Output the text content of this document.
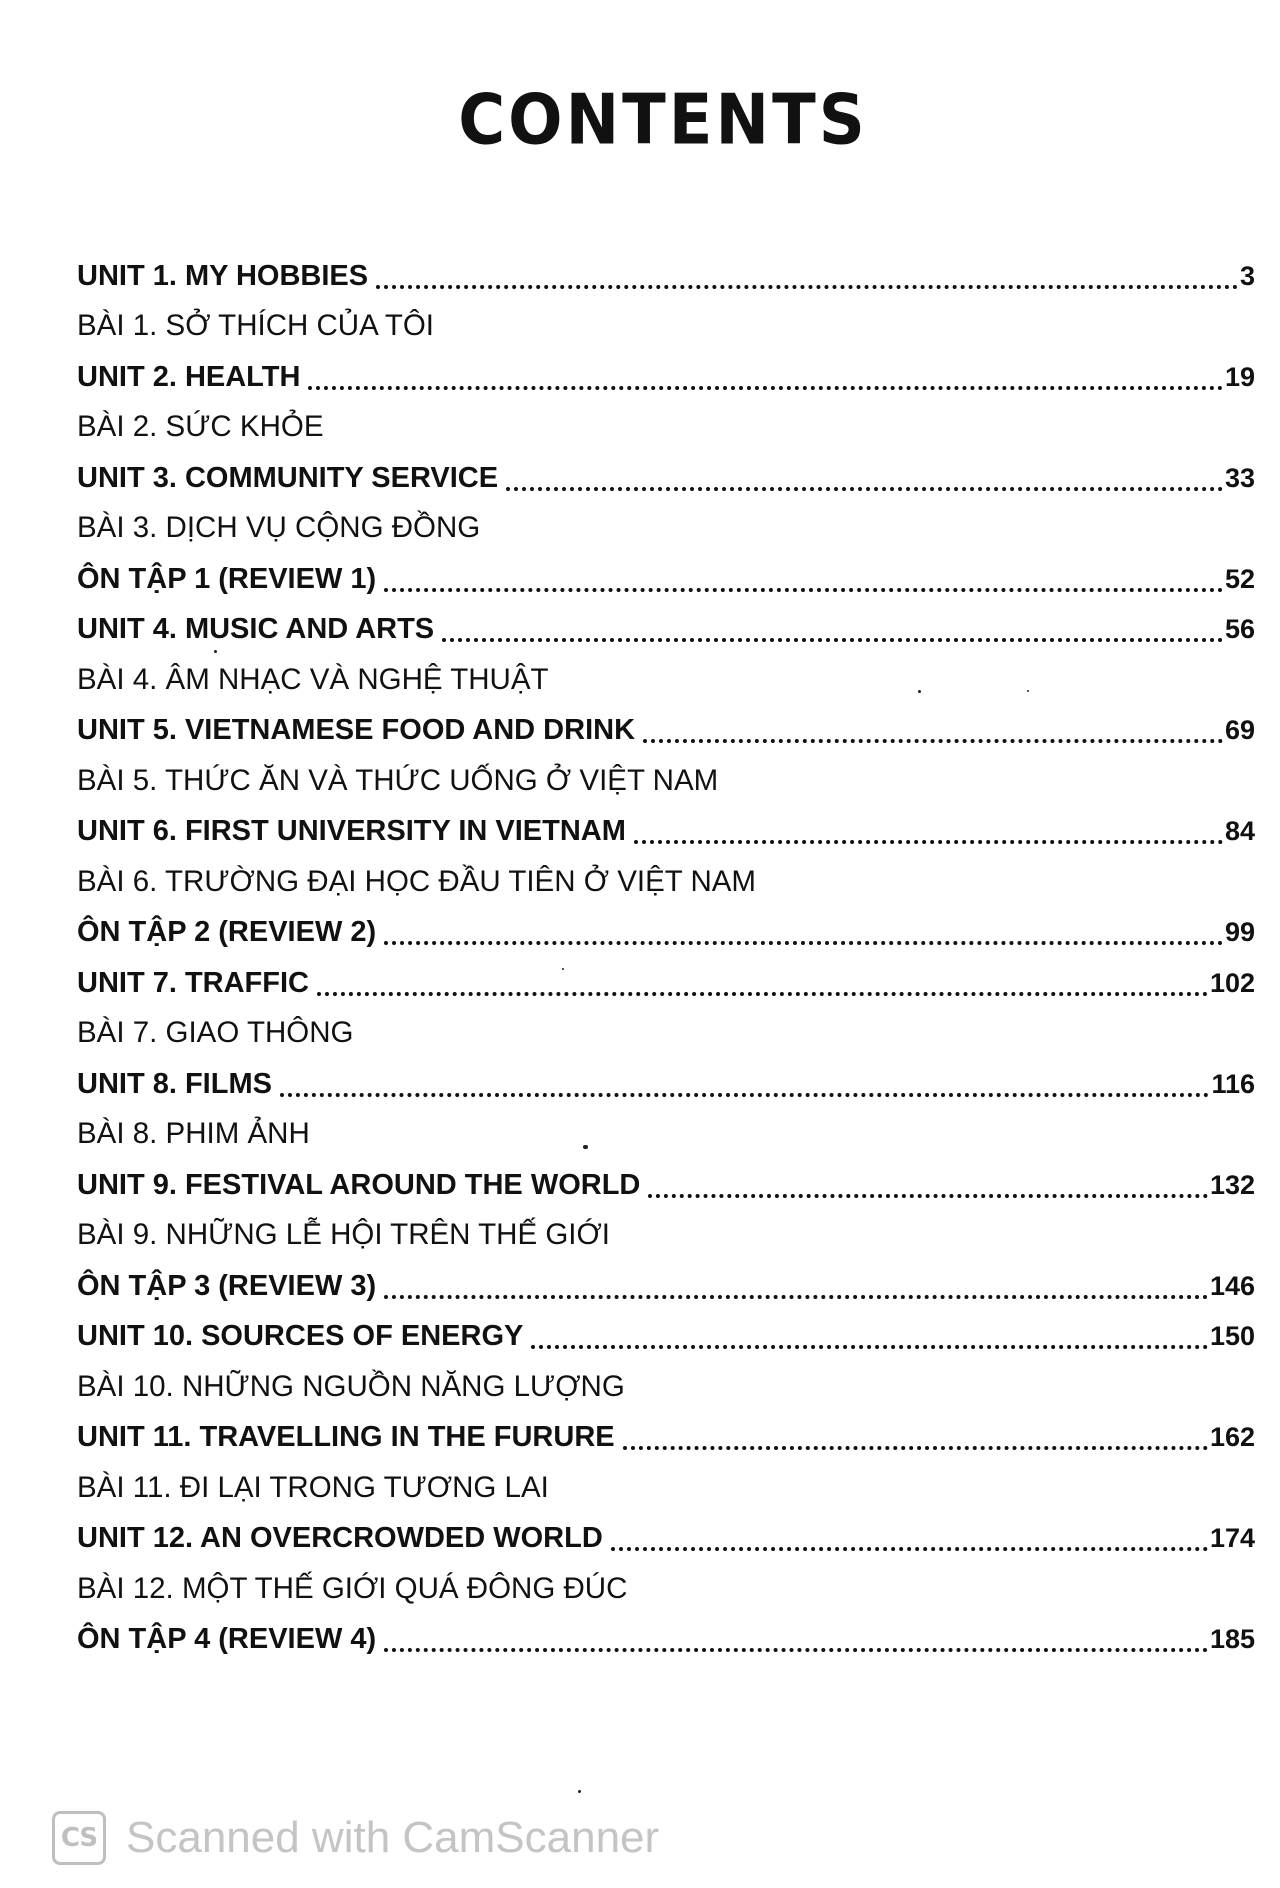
CONTENTS
UNIT 1. MY HOBBIES	3
BÀI 1. SỞ THÍCH CỦA TÔI
UNIT 2. HEALTH	19
BÀI 2. SỨC KHỎE
UNIT 3. COMMUNITY SERVICE	33
BÀI 3. DỊCH VỤ CỘNG ĐỒNG
ÔN TẬP 1 (REVIEW 1)	52
UNIT 4. MUSIC AND ARTS	56
BÀI 4. ÂM NHẠC VÀ NGHỆ THUẬT
UNIT 5. VIETNAMESE FOOD AND DRINK	69
BÀI 5. THỨC ĂN VÀ THỨC UỐNG Ở VIỆT NAM
UNIT 6. FIRST UNIVERSITY IN VIETNAM	84
BÀI 6. TRƯỜNG ĐẠI HỌC ĐẦU TIÊN Ở VIỆT NAM
ÔN TẬP 2 (REVIEW 2)	99
UNIT 7. TRAFFIC	102
BÀI 7. GIAO THÔNG
UNIT 8. FILMS	116
BÀI 8. PHIM ẢNH
UNIT 9. FESTIVAL AROUND THE WORLD	132
BÀI 9. NHỮNG LỄ HỘI TRÊN THẾ GIỚI
ÔN TẬP 3 (REVIEW 3)	146
UNIT 10. SOURCES OF ENERGY	150
BÀI 10. NHỮNG NGUỒN NĂNG LƯỢNG
UNIT 11. TRAVELLING IN THE FURURE	162
BÀI 11. ĐI LẠI TRONG TƯƠNG LAI
UNIT 12. AN OVERCROWDED WORLD	174
BÀI 12. MỘT THẾ GIỚI QUÁ ĐÔNG ĐÚC
ÔN TẬP 4 (REVIEW 4)	185
CS Scanned with CamScanner
